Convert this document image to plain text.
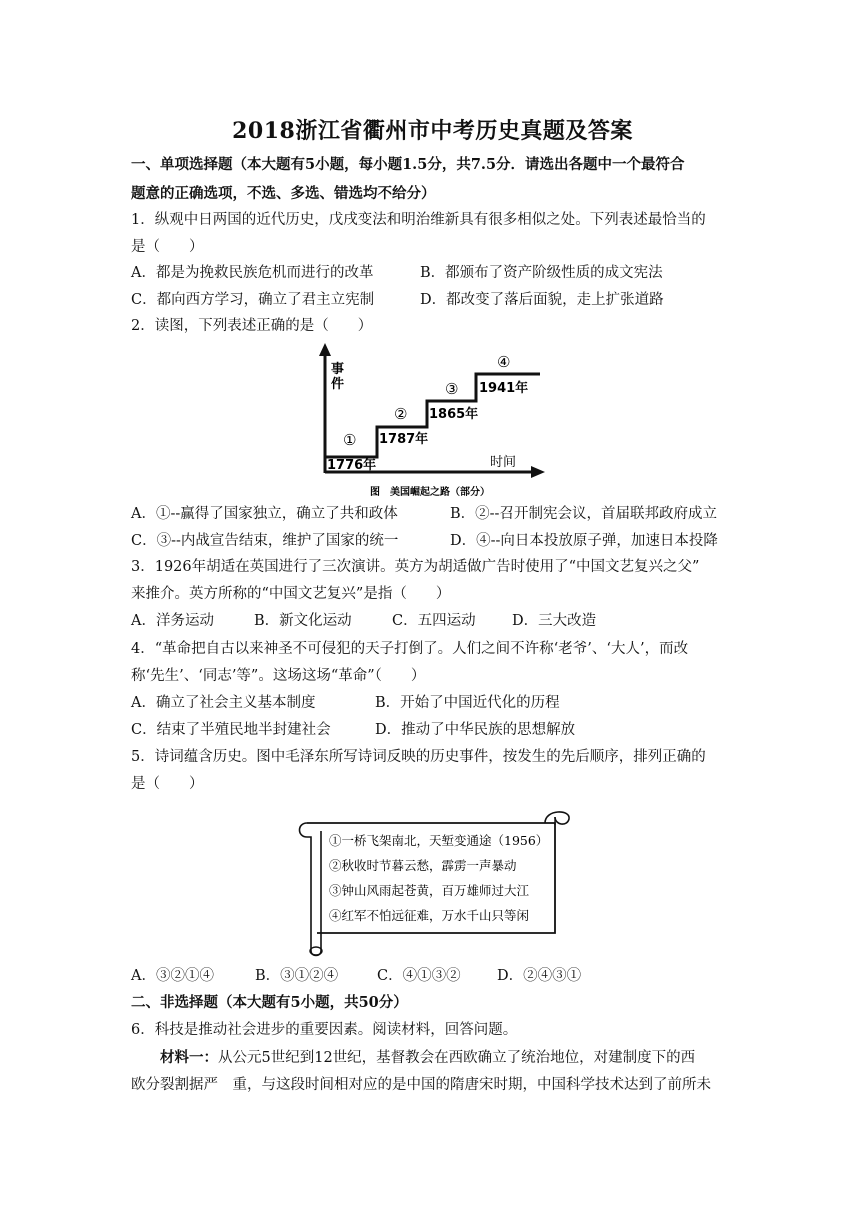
2018浙江省衢州市中考历史真题及答案
一、单项选择题（本大题有5小题，每小题1.5分，共7.5分．请选出各题中一个最符合
题意的正确选项，不选、多选、错选均不给分）
1．纵观中日两国的近代历史，戊戌变法和明治维新具有很多相似之处。下列表述最恰当的
是（　　）
A．都是为挽救民族危机而进行的改革	B．都颁布了资产阶级性质的成文宪法
C．都向西方学习，确立了君主立宪制	D．都改变了落后面貌，走上扩张道路
2．读图，下列表述正确的是（　　）
事
件
时间
①
1776年
②
1787年
③
1865年
④
1941年
图　美国崛起之路（部分）
A．①--赢得了国家独立，确立了共和政体	B．②--召开制宪会议，首届联邦政府成立
C．③--内战宣告结束，维护了国家的统一	D．④--向日本投放原子弹，加速日本投降
3．1926年胡适在英国进行了三次演讲。英方为胡适做广告时使用了“中国文艺复兴之父”
来推介。英方所称的“中国文艺复兴”是指（　　）
A．洋务运动	B．新文化运动	C．五四运动	D．三大改造
4．“革命把自古以来神圣不可侵犯的天子打倒了。人们之间不许称‘老爷’、‘大人’，而改
称‘先生’、‘同志’等”。这场这场“革命”（　　）
A．确立了社会主义基本制度	B．开始了中国近代化的历程
C．结束了半殖民地半封建社会	D．推动了中华民族的思想解放
5．诗词蕴含历史。图中毛泽东所写诗词反映的历史事件，按发生的先后顺序，排列正确的
是（　　）
①一桥飞架南北，天堑变通途（1956）
②秋收时节暮云愁，霹雳一声暴动
③钟山风雨起苍黄，百万雄师过大江
④红军不怕远征难，万水千山只等闲
A．③②①④	B．③①②④	C．④①③②	D．②④③①
二、非选择题（本大题有5小题，共50分）
6．科技是推动社会进步的重要因素。阅读材料，回答问题。
材料一：从公元5世纪到12世纪，基督教会在西欧确立了统治地位，对建制度下的西
欧分裂割据严　重，与这段时间相对应的是中国的隋唐宋时期，中国科学技术达到了前所未
